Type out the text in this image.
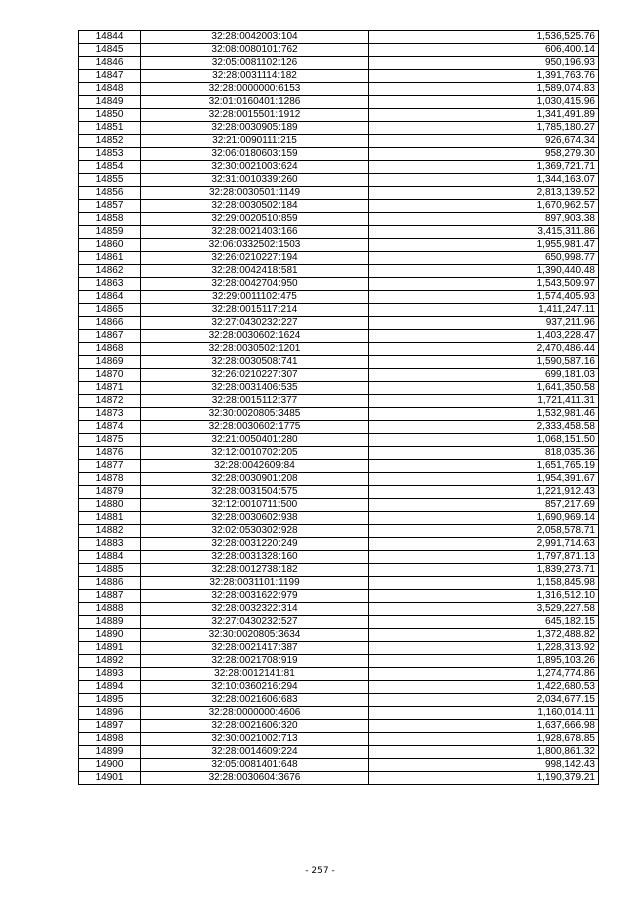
14844	32:28:0042003:104	1,536,525.76
14845	32:08:0080101:762	606,400.14
14846	32:05:0081102:126	950,196.93
14847	32:28:0031114:182	1,391,763.76
14848	32:28:0000000:6153	1,589,074.83
14849	32:01:0160401:1286	1,030,415.96
14850	32:28:0015501:1912	1,341,491.89
14851	32:28:0030905:189	1,785,180.27
14852	32:21:0090111:215	926,674.34
14853	32:06:0180603:159	958,279.30
14854	32:30:0021003:624	1,369,721.71
14855	32:31:0010339:260	1,344,163.07
14856	32:28:0030501:1149	2,813,139.52
14857	32:28:0030502:184	1,670,962.57
14858	32:29:0020510:859	897,903.38
14859	32:28:0021403:166	3,415,311.86
14860	32:06:0332502:1503	1,955,981.47
14861	32:26:0210227:194	650,998.77
14862	32:28:0042418:581	1,390,440.48
14863	32:28:0042704:950	1,543,509.97
14864	32:29:0011102:475	1,574,405.93
14865	32:28:0015117:214	1,411,247.11
14866	32:27:0430232:227	937,211.96
14867	32:28:0030602:1624	1,403,228.47
14868	32:28:0030502:1201	2,470,486.44
14869	32:28:0030508:741	1,590,587.16
14870	32:26:0210227:307	699,181.03
14871	32:28:0031406:535	1,641,350.58
14872	32:28:0015112:377	1,721,411.31
14873	32:30:0020805:3485	1,532,981.46
14874	32:28:0030602:1775	2,333,458.58
14875	32:21:0050401:280	1,068,151.50
14876	32:12:0010702:205	818,035.36
14877	32:28:0042609:84	1,651,765.19
14878	32:28:0030901:208	1,954,391.67
14879	32:28:0031504:575	1,221,912.43
14880	32:12:0010711:500	857,217.69
14881	32:28:0030602:938	1,690,969.14
14882	32:02:0530302:928	2,058,578.71
14883	32:28:0031220:249	2,991,714.63
14884	32:28:0031328:160	1,797,871.13
14885	32:28:0012738:182	1,839,273.71
14886	32:28:0031101:1199	1,158,845.98
14887	32:28:0031622:979	1,316,512.10
14888	32:28:0032322:314	3,529,227.58
14889	32:27:0430232:527	645,182.15
14890	32:30:0020805:3634	1,372,488.82
14891	32:28:0021417:387	1,228,313.92
14892	32:28:0021708:919	1,895,103.26
14893	32:28:0012141:81	1,274,774.86
14894	32:10:0360216:294	1,422,680.53
14895	32:28:0021606:683	2,034,677.15
14896	32:28:0000000:4606	1,160,014.11
14897	32:28:0021606:320	1,637,666.98
14898	32:30:0021002:713	1,928,678.85
14899	32:28:0014609:224	1,800,861.32
14900	32:05:0081401:648	998,142.43
14901	32:28:0030604:3676	1,190,379.21
- 257 -
